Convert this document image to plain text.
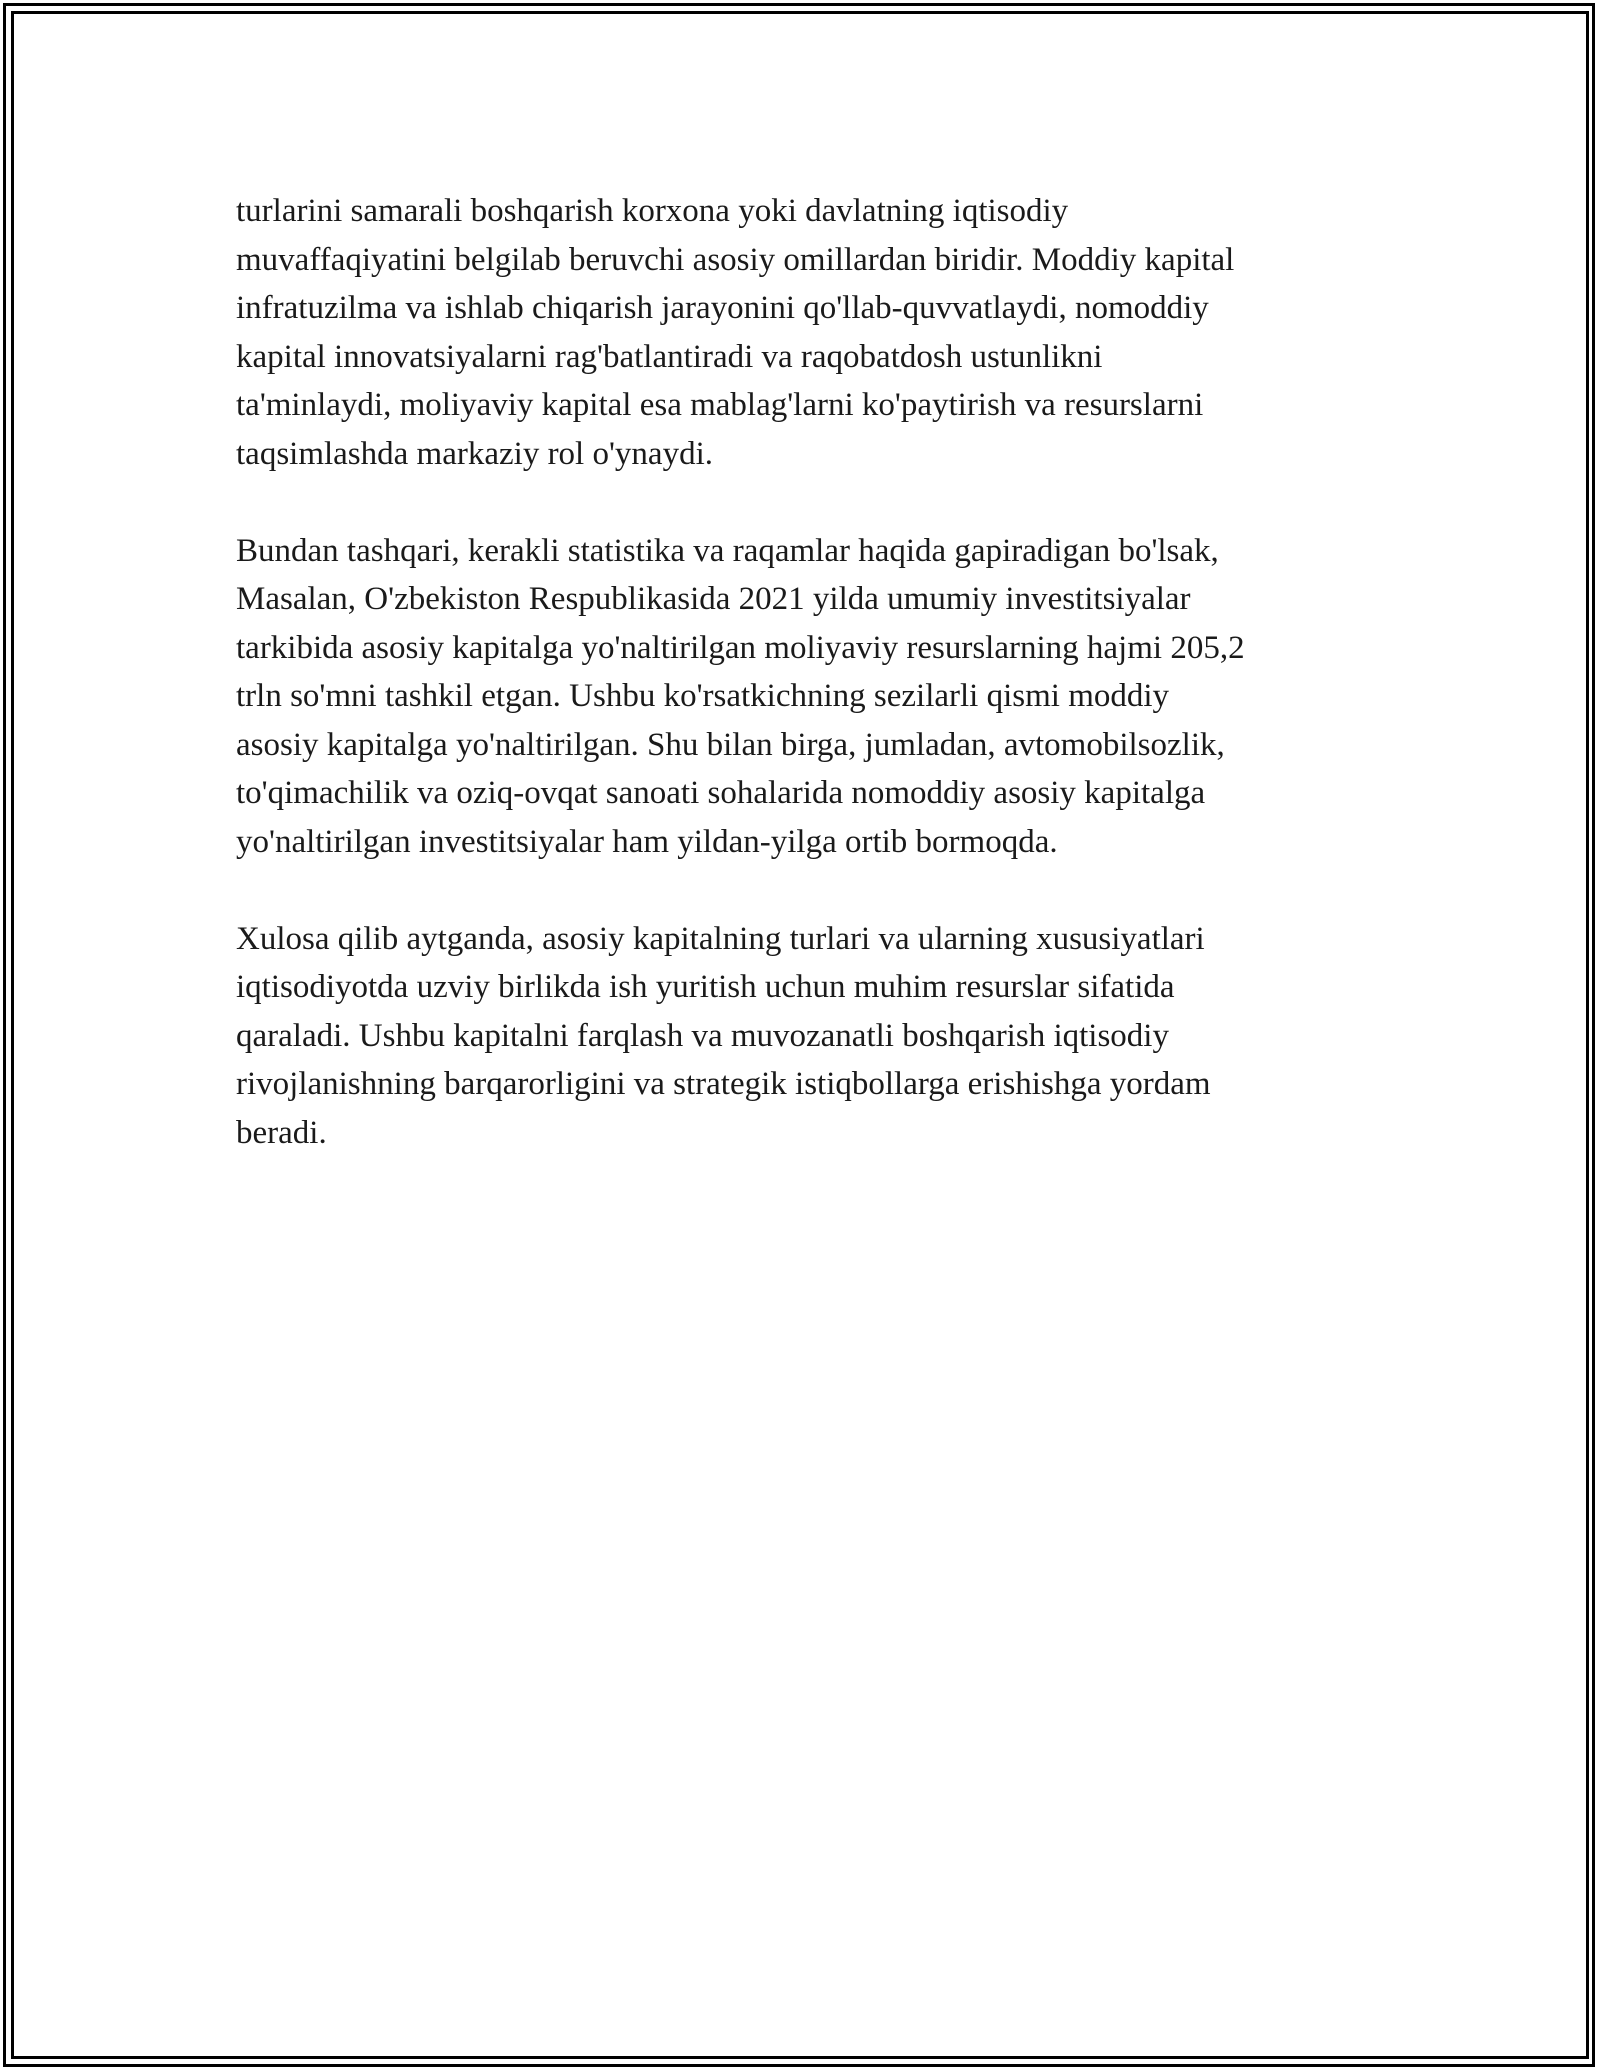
turlarini samarali boshqarish korxona yoki davlatning iqtisodiy
muvaffaqiyatini belgilab beruvchi asosiy omillardan biridir. Moddiy kapital
infratuzilma va ishlab chiqarish jarayonini qo'llab-quvvatlaydi, nomoddiy
kapital innovatsiyalarni rag'batlantiradi va raqobatdosh ustunlikni
ta'minlaydi, moliyaviy kapital esa mablag'larni ko'paytirish va resurslarni
taqsimlashda markaziy rol o'ynaydi.

Bundan tashqari, kerakli statistika va raqamlar haqida gapiradigan bo'lsak,
Masalan, O'zbekiston Respublikasida 2021 yilda umumiy investitsiyalar
tarkibida asosiy kapitalga yo'naltirilgan moliyaviy resurslarning hajmi 205,2
trln so'mni tashkil etgan. Ushbu ko'rsatkichning sezilarli qismi moddiy
asosiy kapitalga yo'naltirilgan. Shu bilan birga, jumladan, avtomobilsozlik,
to'qimachilik va oziq-ovqat sanoati sohalarida nomoddiy asosiy kapitalga
yo'naltirilgan investitsiyalar ham yildan-yilga ortib bormoqda.

Xulosa qilib aytganda, asosiy kapitalning turlari va ularning xususiyatlari
iqtisodiyotda uzviy birlikda ish yuritish uchun muhim resurslar sifatida
qaraladi. Ushbu kapitalni farqlash va muvozanatli boshqarish iqtisodiy
rivojlanishning barqarorligini va strategik istiqbollarga erishishga yordam
beradi.
